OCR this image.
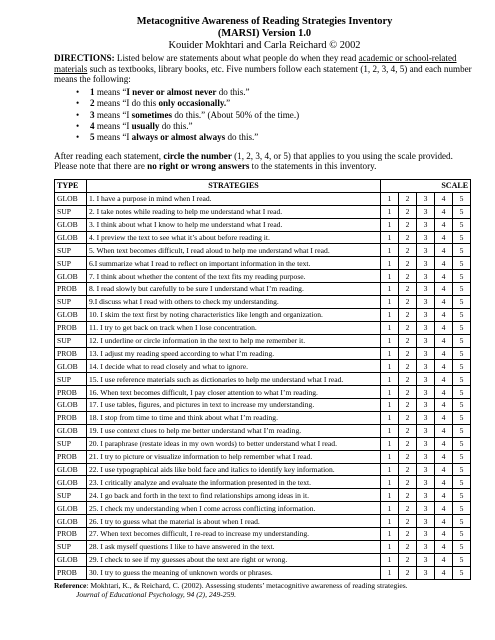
Metacognitive Awareness of Reading Strategies Inventory
(MARSI) Version 1.0
Kouider Mokhtari and Carla Reichard © 2002
DIRECTIONS: Listed below are statements about what people do when they read academic or school-related materials such as textbooks, library books, etc. Five numbers follow each statement (1, 2, 3, 4, 5) and each number means the following:
• 1 means “I never or almost never do this.”
• 2 means “I do this only occasionally.”
• 3 means “I sometimes do this.” (About 50% of the time.)
• 4 means “I usually do this.”
• 5 means “I always or almost always do this.”
After reading each statement, circle the number (1, 2, 3, 4, or 5) that applies to you using the scale provided. Please note that there are no right or wrong answers to the statements in this inventory.
TYPE	STRATEGIES	SCALE				
GLOB	1. I have a purpose in mind when I read.	1	2	3	4	5
SUP	2. I take notes while reading to help me understand what I read.	1	2	3	4	5
GLOB	3. I think about what I know to help me understand what I read.	1	2	3	4	5
GLOB	4. I preview the text to see what it’s about before reading it.	1	2	3	4	5
SUP	5. When text becomes difficult, I read aloud to help me understand what I read.	1	2	3	4	5
SUP	6.I summarize what I read to reflect on important information in the text.	1	2	3	4	5
GLOB	7. I think about whether the content of the text fits my reading purpose.	1	2	3	4	5
PROB	8. I read slowly but carefully to be sure I understand what I’m reading.	1	2	3	4	5
SUP	9.I discuss what I read with others to check my understanding.	1	2	3	4	5
GLOB	10. I skim the text first by noting characteristics like length and organization.	1	2	3	4	5
PROB	11. I try to get back on track when I lose concentration.	1	2	3	4	5
SUP	12. I underline or circle information in the text to help me remember it.	1	2	3	4	5
PROB	13. I adjust my reading speed according to what I’m reading.	1	2	3	4	5
GLOB	14. I decide what to read closely and what to ignore.	1	2	3	4	5
SUP	15. I use reference materials such as dictionaries to help me understand what I read.	1	2	3	4	5
PROB	16. When text becomes difficult, I pay closer attention to what I’m reading.	1	2	3	4	5
GLOB	17. I use tables, figures, and pictures in text to increase my understanding.	1	2	3	4	5
PROB	18. I stop from time to time and think about what I’m reading.	1	2	3	4	5
GLOB	19. I use context clues to help me better understand what I’m reading.	1	2	3	4	5
SUP	20. I paraphrase (restate ideas in my own words) to better understand what I read.	1	2	3	4	5
PROB	21. I try to picture or visualize information to help remember what I read.	1	2	3	4	5
GLOB	22. I use typographical aids like bold face and italics to identify key information.	1	2	3	4	5
GLOB	23. I critically analyze and evaluate the information presented in the text.	1	2	3	4	5
SUP	24. I go back and forth in the text to find relationships among ideas in it.	1	2	3	4	5
GLOB	25. I check my understanding when I come across conflicting information.	1	2	3	4	5
GLOB	26. I try to guess what the material is about when I read.	1	2	3	4	5
PROB	27. When text becomes difficult, I re-read to increase my understanding.	1	2	3	4	5
SUP	28. I ask myself questions I like to have answered in the text.	1	2	3	4	5
GLOB	29. I check to see if my guesses about the text are right or wrong.	1	2	3	4	5
PROB	30. I try to guess the meaning of unknown words or phrases.	1	2	3	4	5
Reference: Mokhtari, K., & Reichard, C. (2002). Assessing students’ metacognitive awareness of reading strategies.
Journal of Educational Psychology, 94 (2), 249-259.
